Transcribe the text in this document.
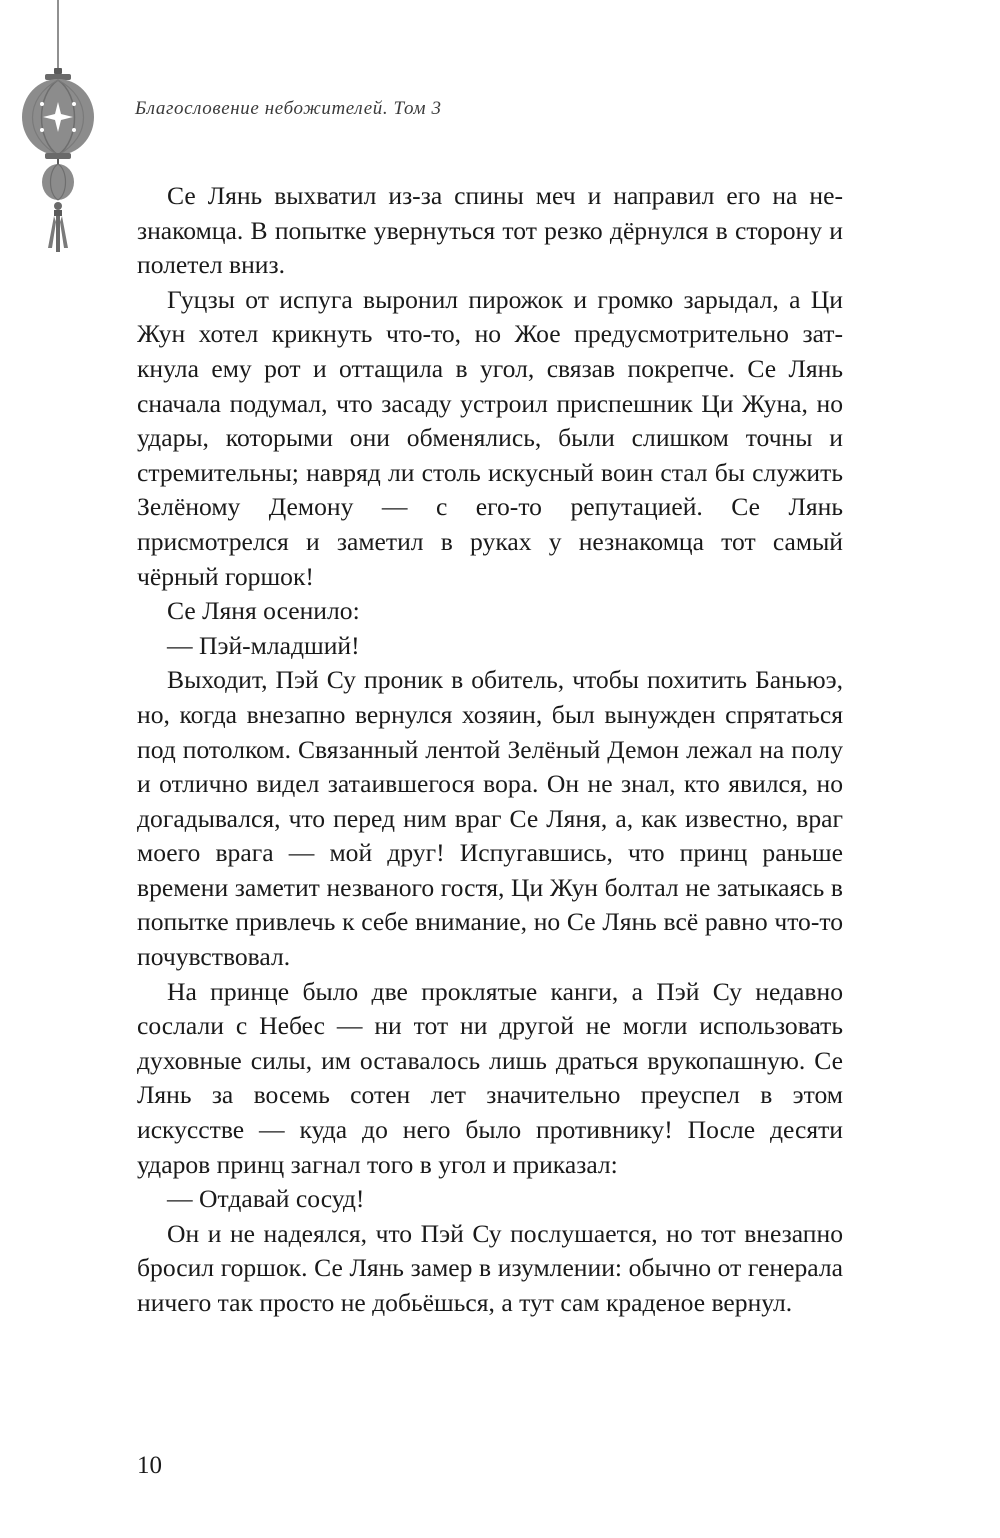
Благословение небожителей. Том 3

Се Лянь выхватил из-за спины меч и направил его на незнакомца. В попытке увернуться тот резко дёрнулся в сторону и полетел вниз.

Гуцзы от испуга выронил пирожок и громко зарыдал, а Ци Жун хотел крикнуть что-то, но Жое предусмотрительно заткнула ему рот и оттащила в угол, связав покрепче. Се Лянь сначала подумал, что засаду устроил приспешник Ци Жуна, но удары, которыми они обменялись, были слишком точны и стремительны; навряд ли столь искусный воин стал бы служить Зелёному Демону — с его-то репутацией. Се Лянь присмотрелся и заметил в руках у незнакомца тот самый чёрный горшок!

Се Ляня осенило:

— Пэй-младший!

Выходит, Пэй Су проник в обитель, чтобы похитить Баньюэ, но, когда внезапно вернулся хозяин, был вынужден спрятаться под потолком. Связанный лентой Зелёный Демон лежал на полу и отлично видел затаившегося вора. Он не знал, кто явился, но догадывался, что перед ним враг Се Ляня, а, как известно, враг моего врага — мой друг! Испугавшись, что принц раньше времени заметит незваного гостя, Ци Жун болтал не затыкаясь в попытке привлечь к себе внимание, но Се Лянь всё равно что-то почувствовал.

На принце было две проклятые канги, а Пэй Су недавно сослали с Небес — ни тот ни другой не могли использовать духовные силы, им оставалось лишь драться врукопашную. Се Лянь за восемь сотен лет значительно преуспел в этом искусстве — куда до него было противнику! После десяти ударов принц загнал того в угол и приказал:

— Отдавай сосуд!

Он и не надеялся, что Пэй Су послушается, но тот внезапно бросил горшок. Се Лянь замер в изумлении: обычно от генерала ничего так просто не добьёшься, а тут сам краденое вернул.

10
